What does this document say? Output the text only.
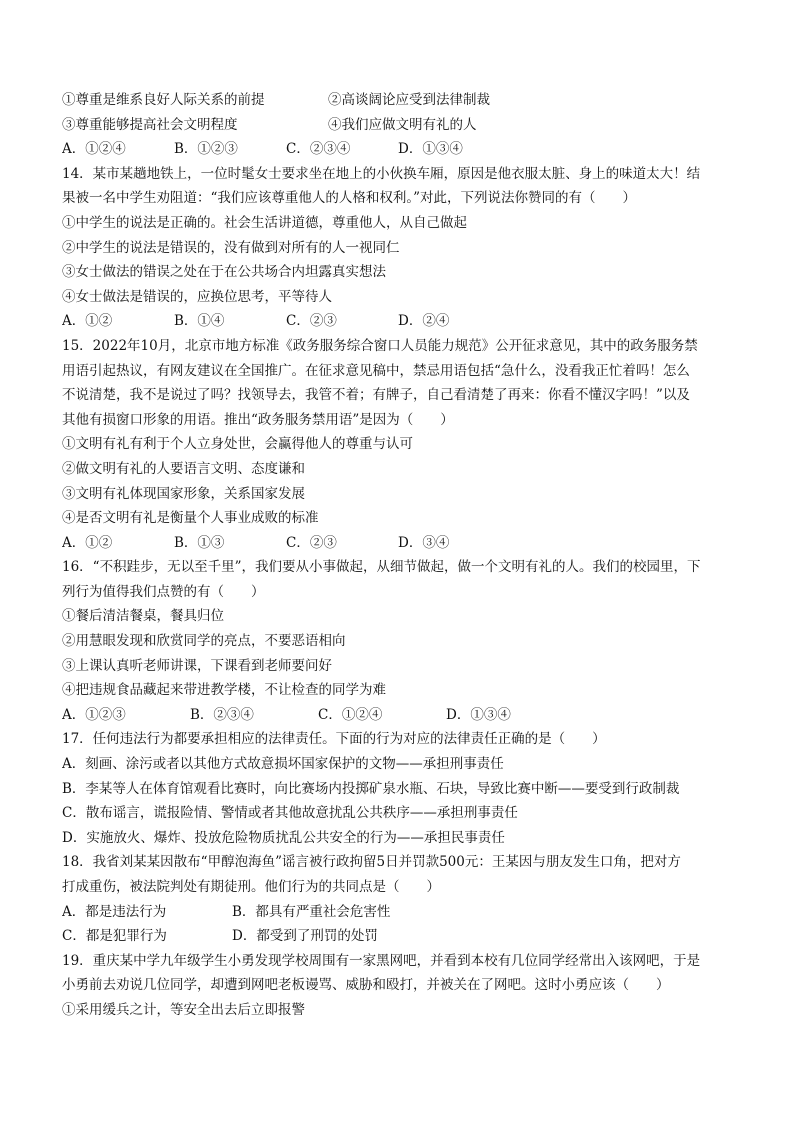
①尊重是维系良好人际关系的前提	②高谈阔论应受到法律制裁
③尊重能够提高社会文明程度	④我们应做文明有礼的人
A．①②④	B．①②③	C．②③④	D．①③④
14．某市某趟地铁上，一位时髦女士要求坐在地上的小伙换车厢，原因是他衣服太脏、身上的味道太大！结
果被一名中学生劝阻道：“我们应该尊重他人的人格和权利。”对此，下列说法你赞同的有（　　）
①中学生的说法是正确的。社会生活讲道德，尊重他人，从自己做起
②中学生的说法是错误的，没有做到对所有的人一视同仁
③女士做法的错误之处在于在公共场合内坦露真实想法
④女士做法是错误的，应换位思考，平等待人
A．①②	B．①④	C．②③	D．②④
15．2022年10月，北京市地方标准《政务服务综合窗口人员能力规范》公开征求意见，其中的政务服务禁
用语引起热议，有网友建议在全国推广。在征求意见稿中，禁忌用语包括“急什么，没看我正忙着吗！怎么
不说清楚，我不是说过了吗？找领导去，我管不着；有牌子，自己看清楚了再来：你看不懂汉字吗！”以及
其他有损窗口形象的用语。推出“政务服务禁用语”是因为（　　）
①文明有礼有利于个人立身处世，会赢得他人的尊重与认可
②做文明有礼的人要语言文明、态度谦和
③文明有礼体现国家形象，关系国家发展
④是否文明有礼是衡量个人事业成败的标准
A．①②	B．①③	C．②③	D．③④
16．“不积跬步，无以至千里”，我们要从小事做起，从细节做起，做一个文明有礼的人。我们的校园里，下
列行为值得我们点赞的有（　　）
①餐后清洁餐桌，餐具归位
②用慧眼发现和欣赏同学的亮点，不要恶语相向
③上课认真听老师讲课，下课看到老师要问好
④把违规食品藏起来带进教学楼，不让检查的同学为难
A．①②③	B．②③④	C．①②④	D．①③④
17．任何违法行为都要承担相应的法律责任。下面的行为对应的法律责任正确的是（　　）
A．刻画、涂污或者以其他方式故意损坏国家保护的文物——承担刑事责任
B．李某等人在体育馆观看比赛时，向比赛场内投掷矿泉水瓶、石块，导致比赛中断——要受到行政制裁
C．散布谣言，谎报险情、警情或者其他故意扰乱公共秩序——承担刑事责任
D．实施放火、爆炸、投放危险物质扰乱公共安全的行为——承担民事责任
18．我省刘某某因散布“甲醇泡海鱼”谣言被行政拘留5日并罚款500元：王某因与朋友发生口角，把对方
打成重伤，被法院判处有期徒刑。他们行为的共同点是（　　）
A．都是违法行为	B．都具有严重社会危害性
C．都是犯罪行为	D．都受到了刑罚的处罚
19．重庆某中学九年级学生小勇发现学校周围有一家黑网吧，并看到本校有几位同学经常出入该网吧，于是
小勇前去劝说几位同学，却遭到网吧老板谩骂、威胁和殴打，并被关在了网吧。这时小勇应该（　　）
①采用缓兵之计，等安全出去后立即报警
